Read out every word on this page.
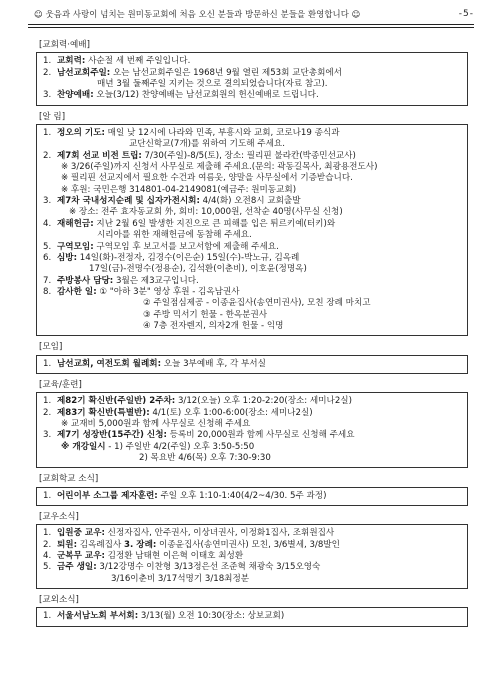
☺ 웃음과 사랑이 넘치는 원미동교회에 처음 오신 분들과 방문하신 분들을 환영합니다 ☺	-5-
[교회력·예배]
1. 교회력: 사순절 세 번째 주일입니다.
2. 남선교회주일: 오는 남선교회주일은 1968년 9월 열린 제53회 교단총회에서
매년 3월 둘째주일 지키는 것으로 결의되었습니다(자료 참고).
3. 찬양예배: 오늘(3/12) 찬양예배는 남선교회원의 헌신예배로 드립니다.
[알 림]
1. 정오의 기도: 매일 낮 12시에 나라와 민족, 부흥시와 교회, 코로나19 종식과
교단신학교(7개)를 위하여 기도해 주세요.
2. 제7회 선교 비전 트립: 7/30(주일)-8/5(토), 장소: 필리핀 불라칸(박종민선교사)
※ 3/26(주일)까지 신청서 사무실로 제출해 주세요.(문의: 곽동길목사, 최광용전도사)
※ 필리핀 선교지에서 필요한 수건과 여름옷, 양말을 사무실에서 기증받습니다.
※ 후원: 국민은행 314801-04-2149081(예금주: 원미동교회)
3. 제7차 국내성지순례 및 십자가전시회: 4/4(화) 오전8시 교회출발
※ 장소: 전주 효자동교회 外, 회비: 10,000원, 선착순 40명(사무실 신청)
4. 재해헌금: 지난 2월 6일 발생한 지진으로 큰 피해를 입은 튀르키예(터키)와
시리아를 위한 재해헌금에 동참해 주세요.
5. 구역모임: 구역모임 후 보고서를 보고서함에 제출해 주세요.
6. 심방: 14일(화)-전정자, 김경수(이은순) 15일(수)-박노규, 김옥례
17일(금)-전명수(정용순), 김석환(이춘비), 이호윤(정명옥)
7. 주방봉사 담당: 3월은 제3교구입니다.
8. 감사한 일: ① "아하 3분" 영상 후원 - 김옥남권사
② 주일점심제공 - 이종윤집사(송연미권사), 모친 장례 마치고
③ 주방 믹서기 헌물 - 한옥분권사
④ 7층 전자렌지, 의자2개 헌물 - 익명
[모임]
1. 남선교회, 여전도회 월례회: 오늘 3부예배 후, 각 부서실
[교육/훈련]
1. 제82기 확신반(주일반) 2주차: 3/12(오늘) 오후 1:20-2:20(장소: 세미나2실)
2. 제83기 확신반(특별반): 4/1(토) 오후 1:00-6:00(장소: 세미나2실)
※ 교재비 5,000원과 함께 사무실로 신청해 주세요
3. 제7기 성장반(15주간) 신청: 등록비 20,000원과 함께 사무실로 신청해 주세요
※ 개강일시 - 1) 주일반 4/2(주일) 오후 3:50-5:50
2) 목요반 4/6(목) 오후 7:30-9:30
[교회학교 소식]
1. 어린이부 소그룹 제자훈련: 주일 오후 1:10-1:40(4/2~4/30. 5주 과정)
[교우소식]
1. 입원중 교우: 신정자집사, 안주권사, 이상녀권사, 이정화1집사, 조휘원집사
2. 퇴원: 김옥례집사 3. 장례: 이종윤집사(송연미권사) 모친, 3/6별세, 3/8발인
4. 군복무 교우: 김정환 남태현 이은혁 이태호 최성환
5. 금주 생일: 3/12강명수 이찬형 3/13정은선 조준혁 채광숙 3/15오영숙
3/16이춘비 3/17석명기 3/18최정분
[교외소식]
1. 서울서남노회 부서회: 3/13(월) 오전 10:30(장소: 상보교회)
